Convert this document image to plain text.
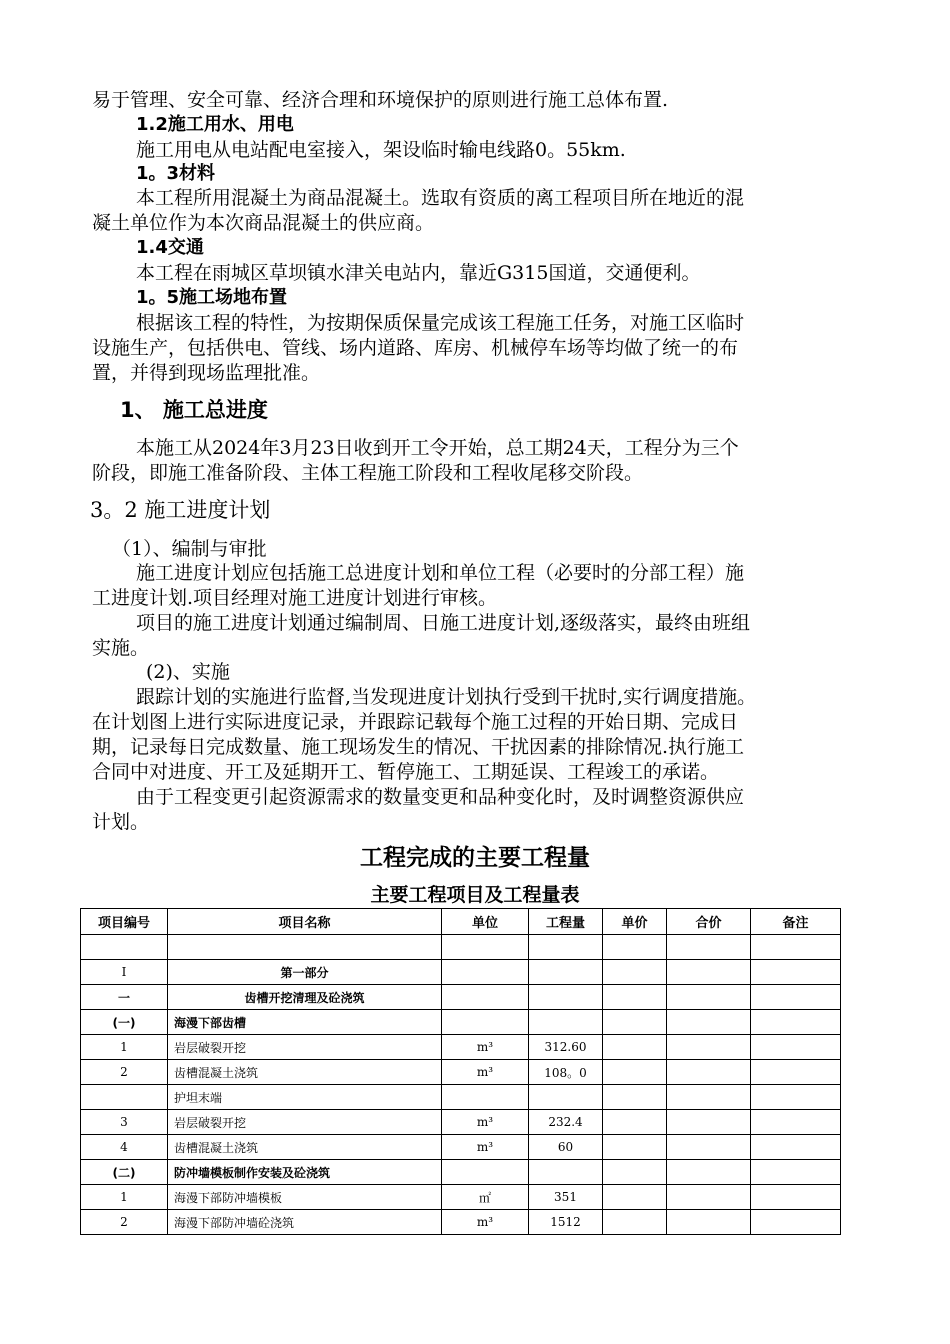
易于管理、安全可靠、经济合理和环境保护的原则进行施工总体布置.
1.2施工用水、用电
施工用电从电站配电室接入，架设临时输电线路0。55km.
1。3材料
本工程所用混凝土为商品混凝土。选取有资质的离工程项目所在地近的混
凝土单位作为本次商品混凝土的供应商。
1.4交通
本工程在雨城区草坝镇水津关电站内，靠近G315国道，交通便利。
1。5施工场地布置
根据该工程的特性，为按期保质保量完成该工程施工任务，对施工区临时
设施生产，包括供电、管线、场内道路、库房、机械停车场等均做了统一的布
置，并得到现场监理批准。
1、 施工总进度
本施工从2024年3月23日收到开工令开始，总工期24天，工程分为三个
阶段，即施工准备阶段、主体工程施工阶段和工程收尾移交阶段。
3。2 施工进度计划
（1）、编制与审批
施工进度计划应包括施工总进度计划和单位工程（必要时的分部工程）施
工进度计划.项目经理对施工进度计划进行审核。
项目的施工进度计划通过编制周、日施工进度计划,逐级落实，最终由班组
实施。
(2)、实施
跟踪计划的实施进行监督,当发现进度计划执行受到干扰时,实行调度措施。
在计划图上进行实际进度记录，并跟踪记载每个施工过程的开始日期、完成日
期，记录每日完成数量、施工现场发生的情况、干扰因素的排除情况.执行施工
合同中对进度、开工及延期开工、暂停施工、工期延误、工程竣工的承诺。
由于工程变更引起资源需求的数量变更和品种变化时，及时调整资源供应
计划。
工程完成的主要工程量
主要工程项目及工程量表
项目编号	项目名称	单位	工程量	单价	合价	备注

I	第一部分					
一	齿槽开挖清理及砼浇筑					
(一)	海漫下部齿槽					
1	岩层破裂开挖	m³	312.60			
2	齿槽混凝土浇筑	m³	108。0			
	护坦末端					
3	岩层破裂开挖	m³	232.4			
4	齿槽混凝土浇筑	m³	60			
(二)	防冲墙模板制作安装及砼浇筑					
1	海漫下部防冲墙模板	㎡	351			
2	海漫下部防冲墙砼浇筑	m³	1512			
